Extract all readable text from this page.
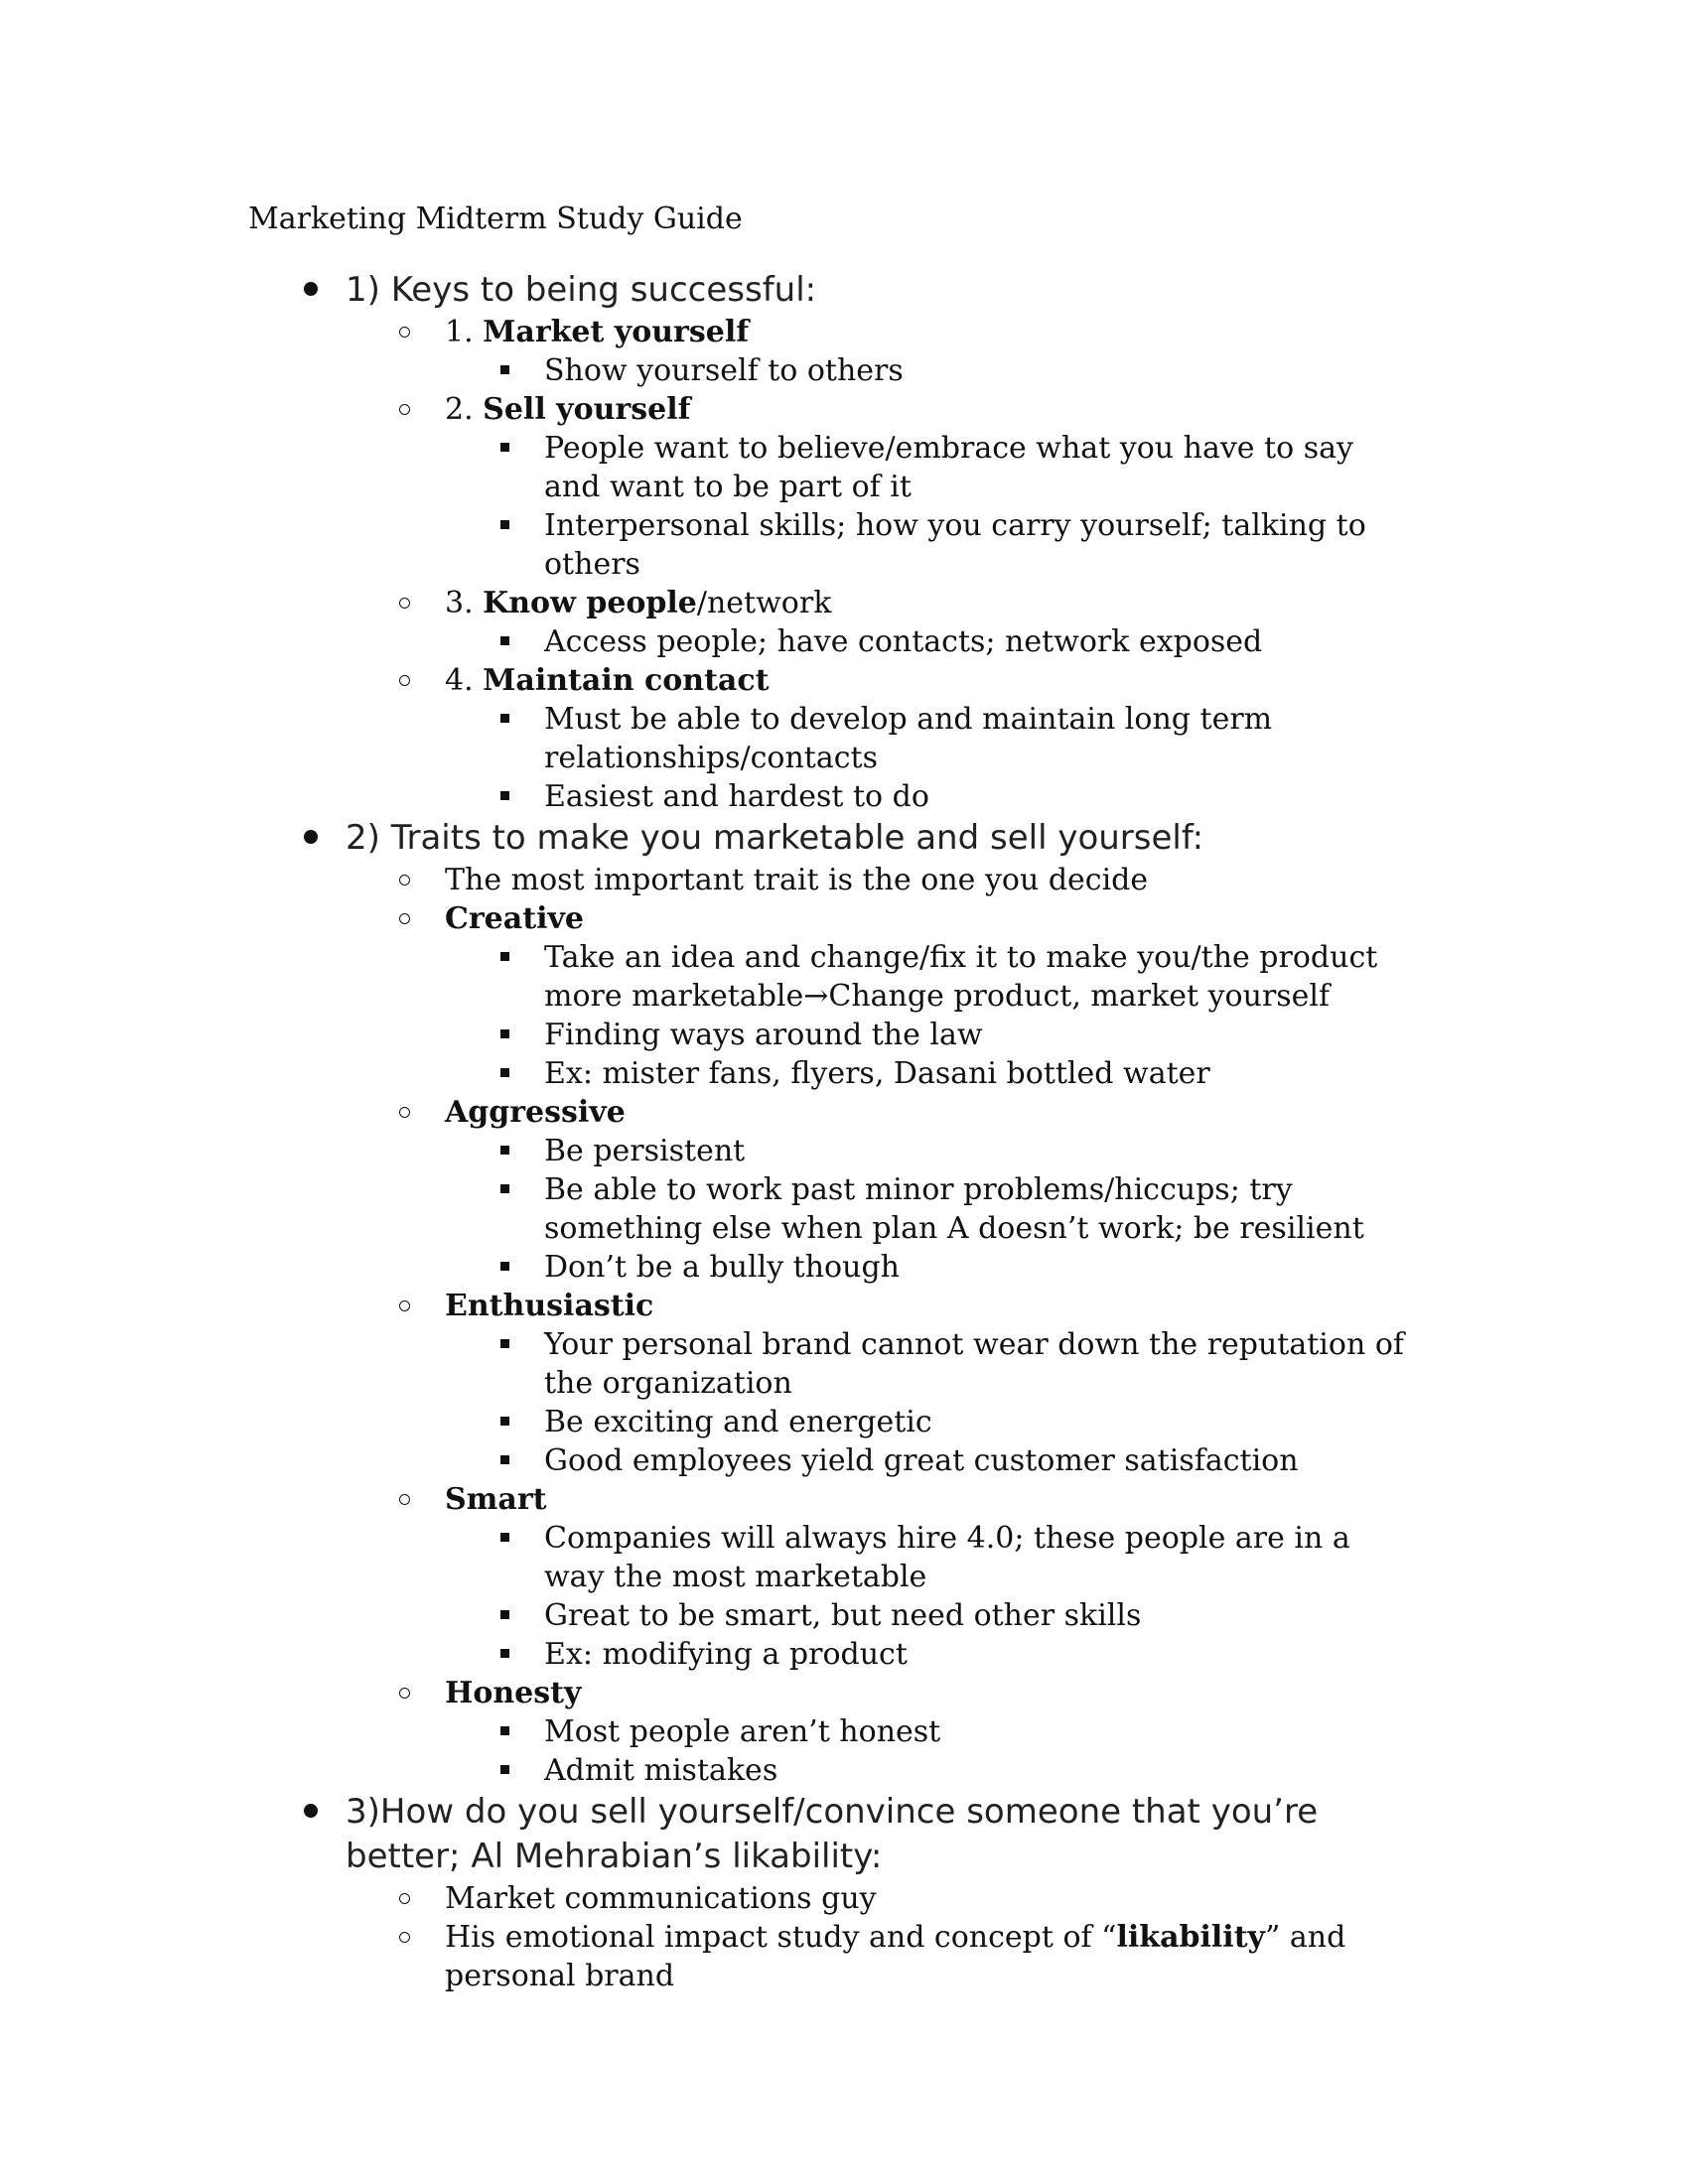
Marketing Midterm Study Guide
1) Keys to being successful:
1. Market yourself
Show yourself to others
2. Sell yourself
People want to believe/embrace what you have to say and want to be part of it
Interpersonal skills; how you carry yourself; talking to others
3. Know people/network
Access people; have contacts; network exposed
4. Maintain contact
Must be able to develop and maintain long term relationships/contacts
Easiest and hardest to do
2) Traits to make you marketable and sell yourself:
The most important trait is the one you decide
Creative
Take an idea and change/fix it to make you/the product more marketable→Change product, market yourself
Finding ways around the law
Ex: mister fans, flyers, Dasani bottled water
Aggressive
Be persistent
Be able to work past minor problems/hiccups; try something else when plan A doesn’t work; be resilient
Don’t be a bully though
Enthusiastic
Your personal brand cannot wear down the reputation of the organization
Be exciting and energetic
Good employees yield great customer satisfaction
Smart
Companies will always hire 4.0; these people are in a way the most marketable
Great to be smart, but need other skills
Ex: modifying a product
Honesty
Most people aren’t honest
Admit mistakes
3)How do you sell yourself/convince someone that you’re better; Al Mehrabian’s likability:
Market communications guy
His emotional impact study and concept of “likability” and personal brand
